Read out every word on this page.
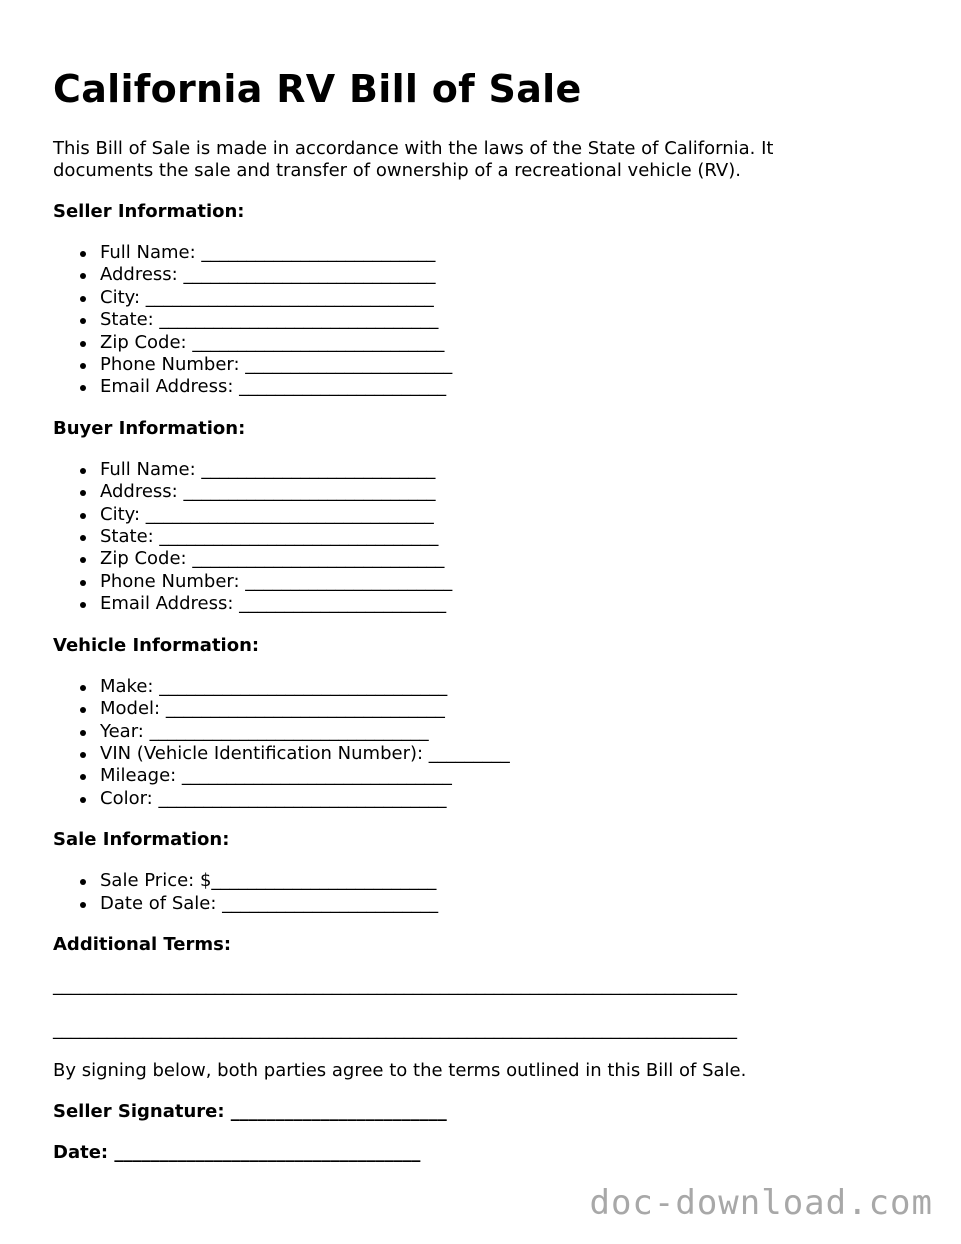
California RV Bill of Sale

This Bill of Sale is made in accordance with the laws of the State of California. It documents the sale and transfer of ownership of a recreational vehicle (RV).

Seller Information:
Full Name: __________________________
Address: ____________________________
City: ________________________________
State: _______________________________
Zip Code: ____________________________
Phone Number: _______________________
Email Address: _______________________
Buyer Information:
Full Name: __________________________
Address: ____________________________
City: ________________________________
State: _______________________________
Zip Code: ____________________________
Phone Number: _______________________
Email Address: _______________________
Vehicle Information:
Make: ________________________________
Model: _______________________________
Year: _______________________________
VIN (Vehicle Identification Number): _________
Mileage: ______________________________
Color: ________________________________
Sale Information:
Sale Price: $_________________________
Date of Sale: ________________________
Additional Terms:
____________________________________________________________________________
____________________________________________________________________________

By signing below, both parties agree to the terms outlined in this Bill of Sale.

Seller Signature: ________________________
Date: __________________________________
doc-download.com
